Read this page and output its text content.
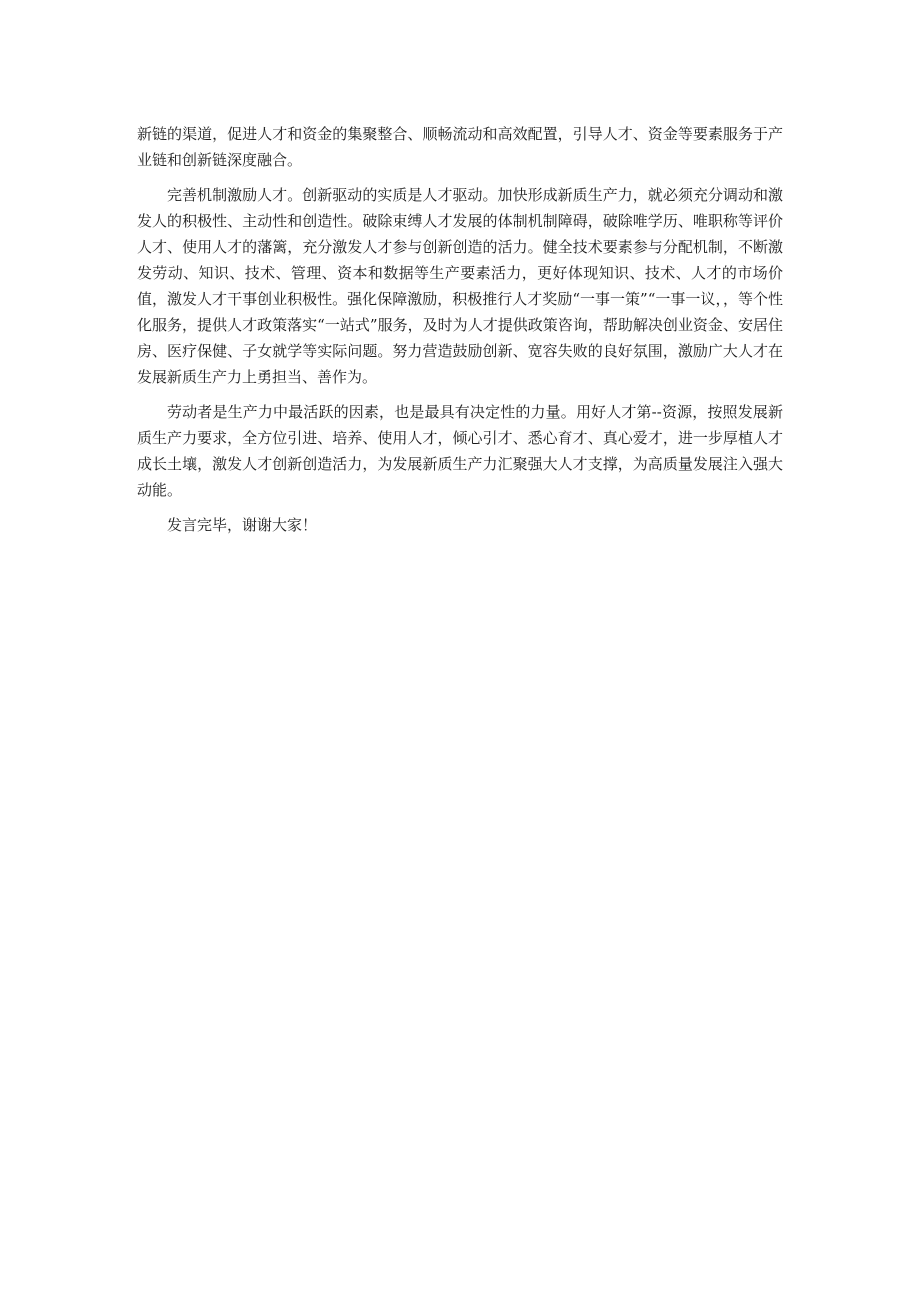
新链的渠道，促进人才和资金的集聚整合、顺畅流动和高效配置，引导人才、资金等要素服务于产业链和创新链深度融合。

完善机制激励人才。创新驱动的实质是人才驱动。加快形成新质生产力，就必须充分调动和激发人的积极性、主动性和创造性。破除束缚人才发展的体制机制障碍，破除唯学历、唯职称等评价人才、使用人才的藩篱，充分激发人才参与创新创造的活力。健全技术要素参与分配机制，不断激发劳动、知识、技术、管理、资本和数据等生产要素活力，更好体现知识、技术、人才的市场价值，激发人才干事创业积极性。强化保障激励，积极推行人才奖励“一事一策”“一事一议，，等个性化服务，提供人才政策落实“一站式”服务，及时为人才提供政策咨询，帮助解决创业资金、安居住房、医疗保健、子女就学等实际问题。努力营造鼓励创新、宽容失败的良好氛围，激励广大人才在发展新质生产力上勇担当、善作为。

劳动者是生产力中最活跃的因素，也是最具有决定性的力量。用好人才第--资源，按照发展新质生产力要求，全方位引进、培养、使用人才，倾心引才、悉心育才、真心爱才，进一步厚植人才成长土壤，激发人才创新创造活力，为发展新质生产力汇聚强大人才支撑，为高质量发展注入强大动能。

发言完毕，谢谢大家！
